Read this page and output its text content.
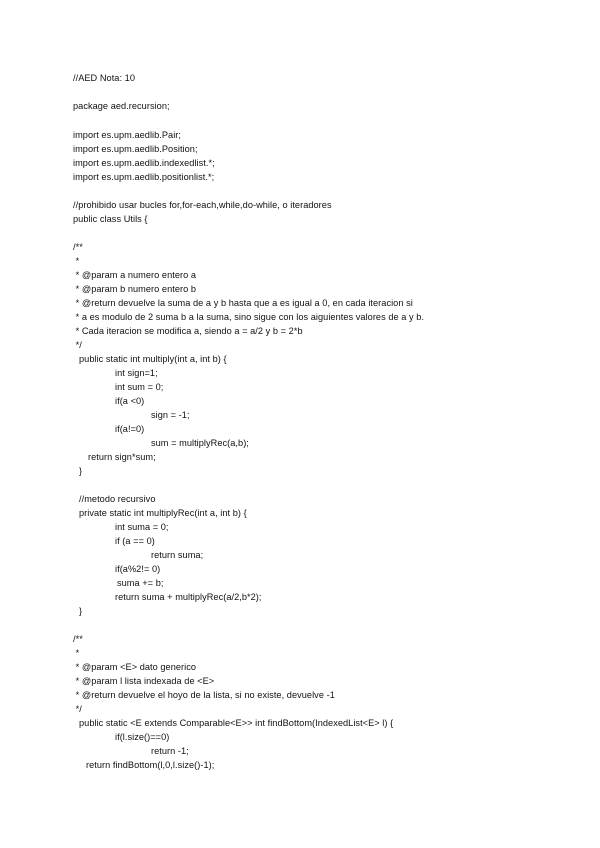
//AED Nota: 10
package aed.recursion;
import es.upm.aedlib.Pair;
import es.upm.aedlib.Position;
import es.upm.aedlib.indexedlist.*;
import es.upm.aedlib.positionlist.*;
//prohibido usar bucles for,for-each,while,do-while, o iteradores
public class Utils {
/**
*
* @param a numero entero a
* @param b numero entero b
* @return devuelve la suma de a y b hasta que a es igual a 0, en cada iteracion si
* a es modulo de 2 suma b a la suma, sino sigue con los aiguientes valores de a y b.
* Cada iteracion se modifica a, siendo a = a/2 y b = 2*b
*/
public static int multiply(int a, int b) {
int sign=1;
int sum = 0;
if(a <0)
sign = -1;
if(a!=0)
sum = multiplyRec(a,b);
return sign*sum;
}
//metodo recursivo
private static int multiplyRec(int a, int b) {
int suma = 0;
if (a == 0)
return suma;
if(a%2!= 0)
suma += b;
return suma + multiplyRec(a/2,b*2);
}
/**
*
* @param <E> dato generico
* @param l lista indexada de <E>
* @return devuelve el hoyo de la lista, si no existe, devuelve -1
*/
public static <E extends Comparable<E>> int findBottom(IndexedList<E> l) {
if(l.size()==0)
return -1;
return findBottom(l,0,l.size()-1);
